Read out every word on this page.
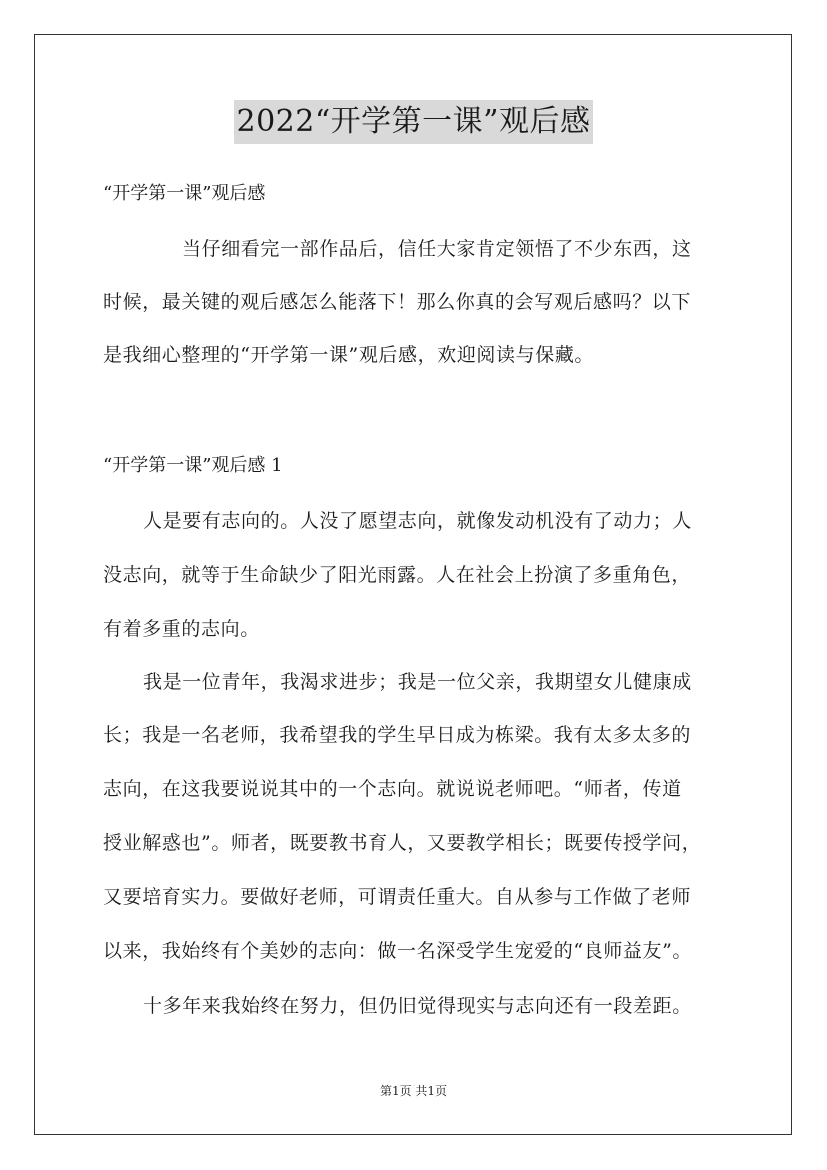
2022“开学第一课”观后感
“开学第一课”观后感
当仔细看完一部作品后，信任大家肯定领悟了不少东西，这
时候，最关键的观后感怎么能落下！那么你真的会写观后感吗？以下
是我细心整理的“开学第一课”观后感，欢迎阅读与保藏。
“开学第一课”观后感 1
人是要有志向的。人没了愿望志向，就像发动机没有了动力；人
没志向，就等于生命缺少了阳光雨露。人在社会上扮演了多重角色，
有着多重的志向。
我是一位青年，我渴求进步；我是一位父亲，我期望女儿健康成
长；我是一名老师，我希望我的学生早日成为栋梁。我有太多太多的
志向，在这我要说说其中的一个志向。就说说老师吧。“师者，传道
授业解惑也”。师者，既要教书育人，又要教学相长；既要传授学问，
又要培育实力。要做好老师，可谓责任重大。自从参与工作做了老师
以来，我始终有个美妙的志向：做一名深受学生宠爱的“良师益友”。
十多年来我始终在努力，但仍旧觉得现实与志向还有一段差距。
第1页 共1页
